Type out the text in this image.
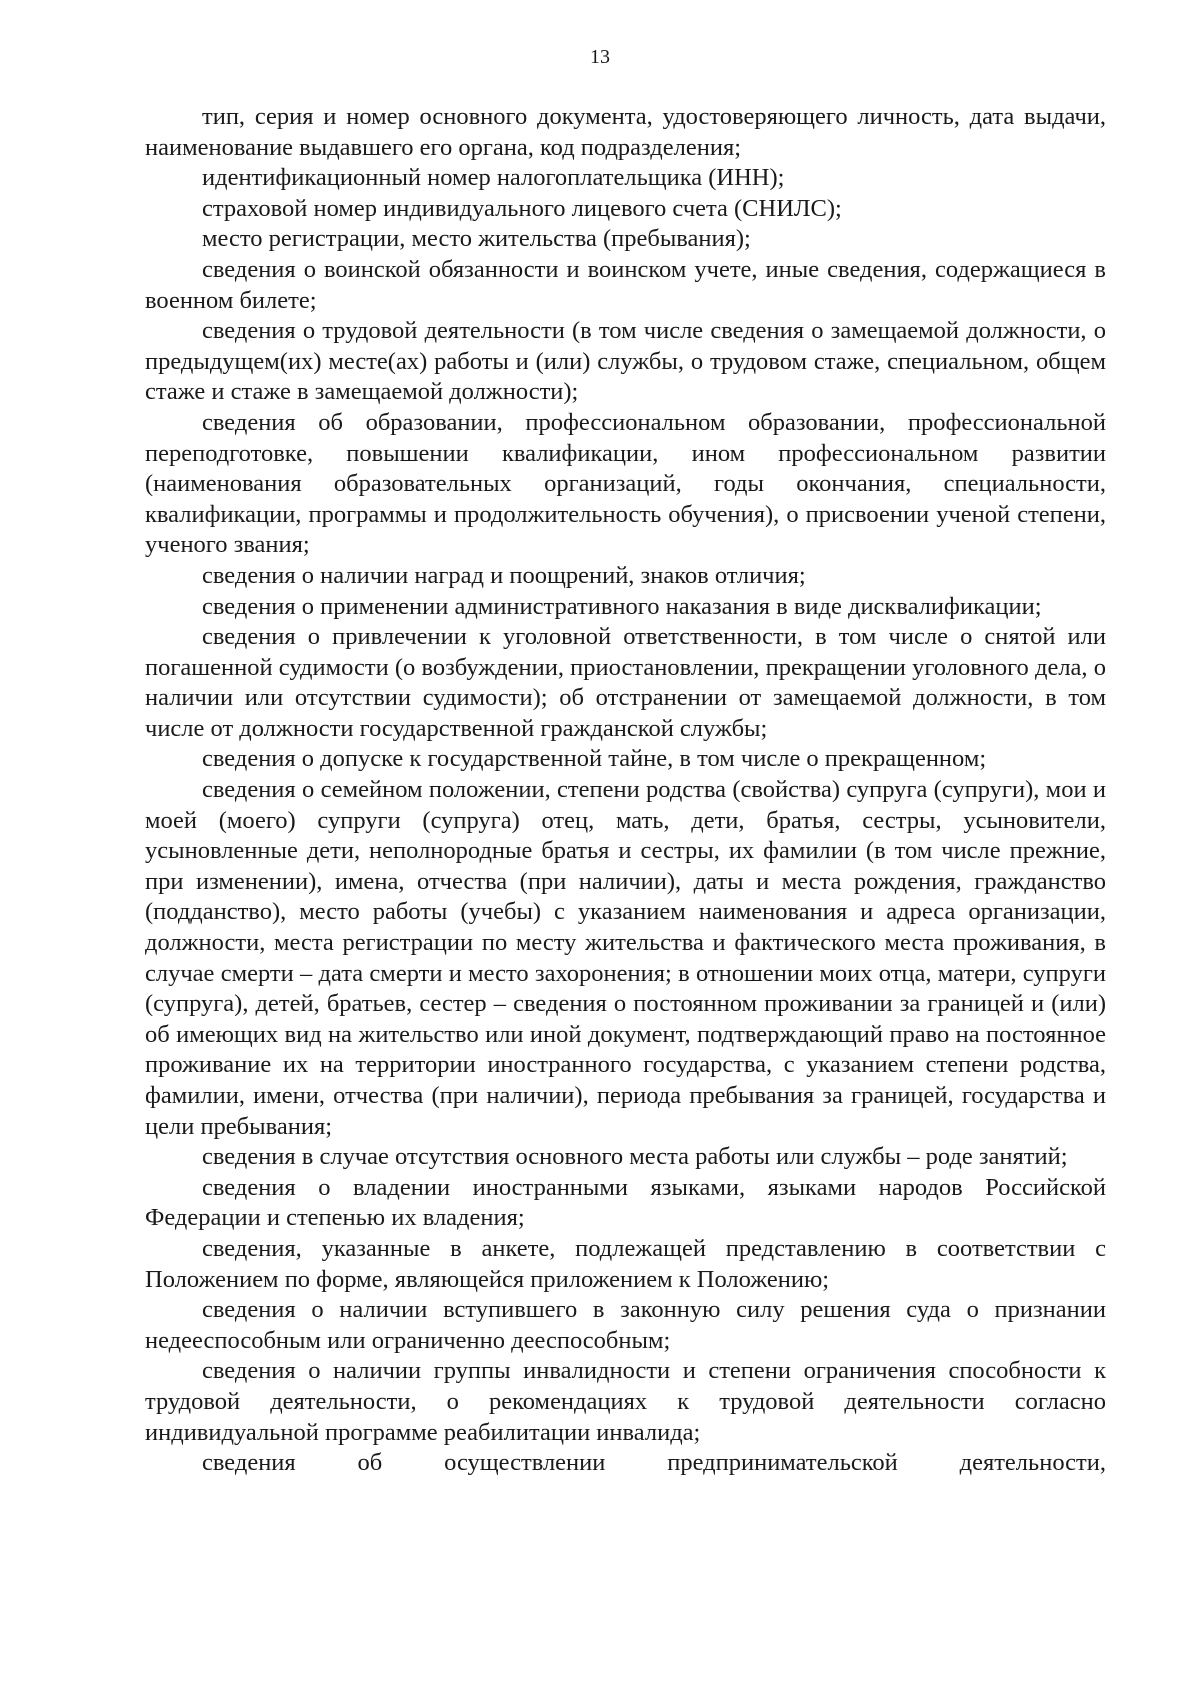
13

тип, серия и номер основного документа, удостоверяющего личность, дата выдачи, наименование выдавшего его органа, код подразделения;

идентификационный номер налогоплательщика (ИНН);

страховой номер индивидуального лицевого счета (СНИЛС);

место регистрации, место жительства (пребывания);

сведения о воинской обязанности и воинском учете, иные сведения, содержащиеся в военном билете;

сведения о трудовой деятельности (в том числе сведения о замещаемой должности, о предыдущем(их) месте(ах) работы и (или) службы, о трудовом стаже, специальном, общем стаже и стаже в замещаемой должности);

сведения об образовании, профессиональном образовании, профессиональной переподготовке, повышении квалификации, ином профессиональном развитии (наименования образовательных организаций, годы окончания, специальности, квалификации, программы и продолжительность обучения), о присвоении ученой степени, ученого звания;

сведения о наличии наград и поощрений, знаков отличия;

сведения о применении административного наказания в виде дисквалификации;

сведения о привлечении к уголовной ответственности, в том числе о снятой или погашенной судимости (о возбуждении, приостановлении, прекращении уголовного дела, о наличии или отсутствии судимости); об отстранении от замещаемой должности, в том числе от должности государственной гражданской службы;

сведения о допуске к государственной тайне, в том числе о прекращенном;

сведения о семейном положении, степени родства (свойства) супруга (супруги), мои и моей (моего) супруги (супруга) отец, мать, дети, братья, сестры, усыновители, усыновленные дети, неполнородные братья и сестры, их фамилии (в том числе прежние, при изменении), имена, отчества (при наличии), даты и места рождения, гражданство (подданство), место работы (учебы) с указанием наименования и адреса организации, должности, места регистрации по месту жительства и фактического места проживания, в случае смерти – дата смерти и место захоронения; в отношении моих отца, матери, супруги (супруга), детей, братьев, сестер – сведения о постоянном проживании за границей и (или) об имеющих вид на жительство или иной документ, подтверждающий право на постоянное проживание их на территории иностранного государства, с указанием степени родства, фамилии, имени, отчества (при наличии), периода пребывания за границей, государства и цели пребывания;

сведения в случае отсутствия основного места работы или службы – роде занятий;

сведения о владении иностранными языками, языками народов Российской Федерации и степенью их владения;

сведения, указанные в анкете, подлежащей представлению в соответствии с Положением по форме, являющейся приложением к Положению;

сведения о наличии вступившего в законную силу решения суда о признании недееспособным или ограниченно дееспособным;

сведения о наличии группы инвалидности и степени ограничения способности к трудовой деятельности, о рекомендациях к трудовой деятельности согласно индивидуальной программе реабилитации инвалида;

сведения об осуществлении предпринимательской деятельности,
